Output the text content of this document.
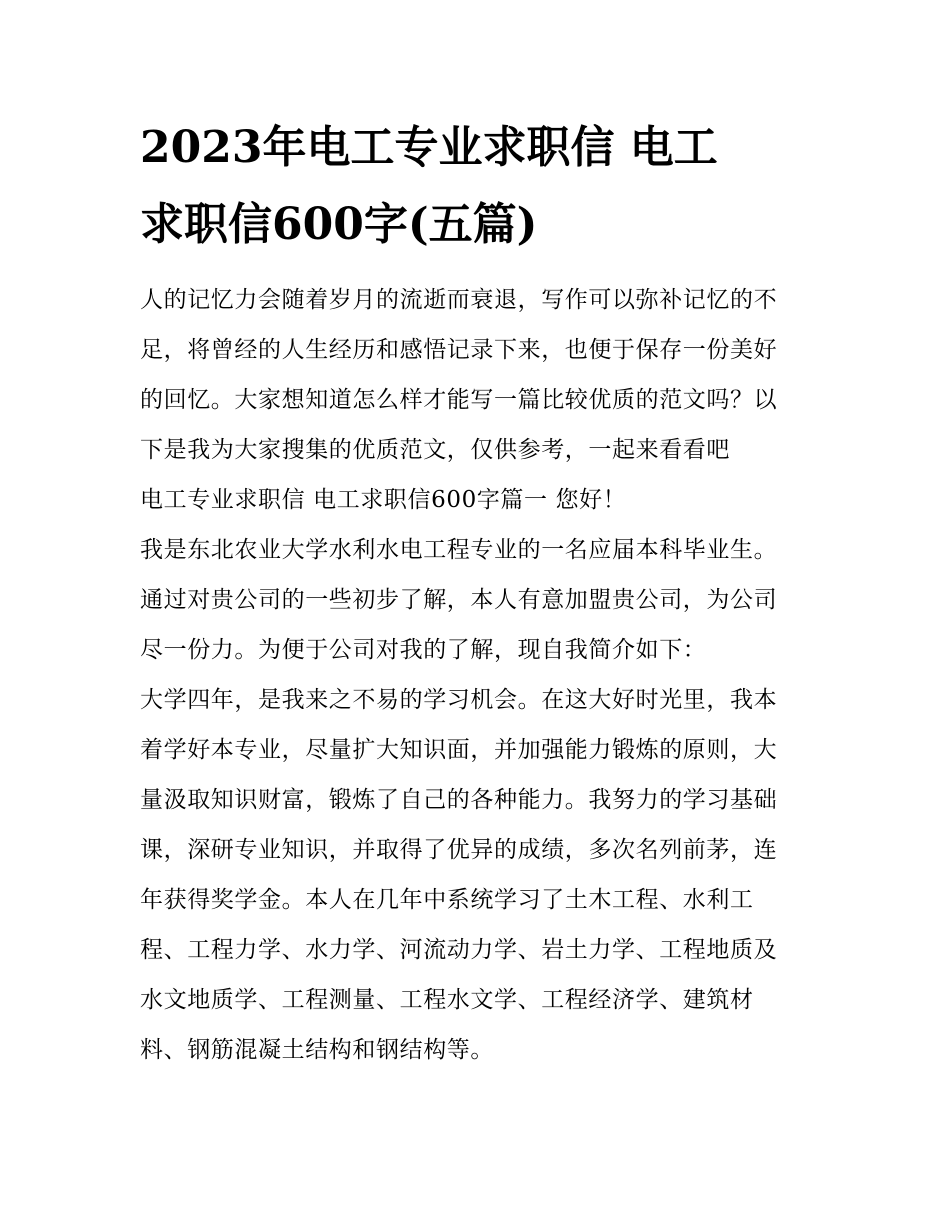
2023年电工专业求职信 电工
求职信600字(五篇)
人的记忆力会随着岁月的流逝而衰退，写作可以弥补记忆的不
足，将曾经的人生经历和感悟记录下来，也便于保存一份美好
的回忆。大家想知道怎么样才能写一篇比较优质的范文吗？以
下是我为大家搜集的优质范文，仅供参考，一起来看看吧
电工专业求职信 电工求职信600字篇一 您好！
我是东北农业大学水利水电工程专业的一名应届本科毕业生。
通过对贵公司的一些初步了解，本人有意加盟贵公司，为公司
尽一份力。为便于公司对我的了解，现自我简介如下：
大学四年，是我来之不易的学习机会。在这大好时光里，我本
着学好本专业，尽量扩大知识面，并加强能力锻炼的原则，大
量汲取知识财富，锻炼了自己的各种能力。我努力的学习基础
课，深研专业知识，并取得了优异的成绩，多次名列前茅，连
年获得奖学金。本人在几年中系统学习了土木工程、水利工
程、工程力学、水力学、河流动力学、岩土力学、工程地质及
水文地质学、工程测量、工程水文学、工程经济学、建筑材
料、钢筋混凝土结构和钢结构等。
